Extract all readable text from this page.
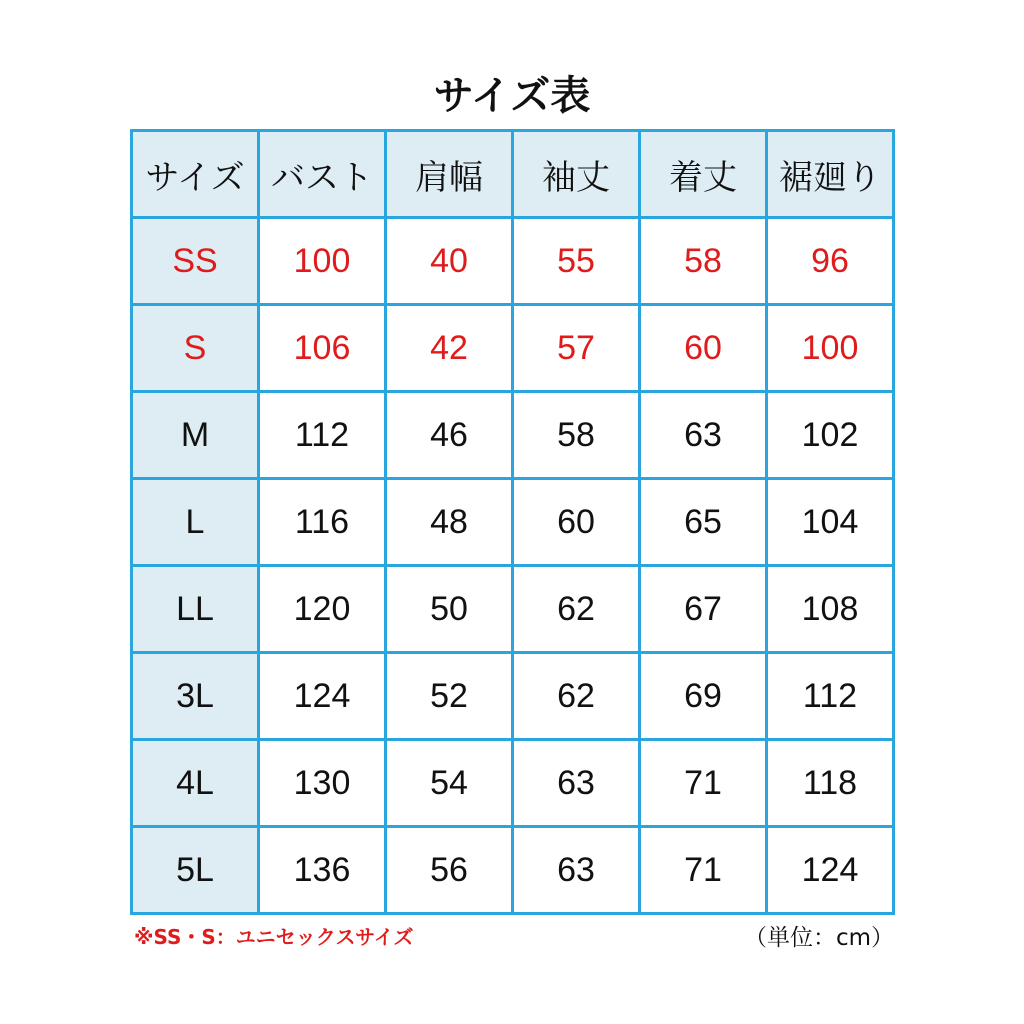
サイズ表
サイズ	バスト	肩幅	袖丈	着丈	裾廻り
SS	100	40	55	58	96
S	106	42	57	60	100
M	112	46	58	63	102
L	116	48	60	65	104
LL	120	50	62	67	108
3L	124	52	62	69	112
4L	130	54	63	71	118
5L	136	56	63	71	124
※SS・S：ユニセックスサイズ	（単位：cm）
